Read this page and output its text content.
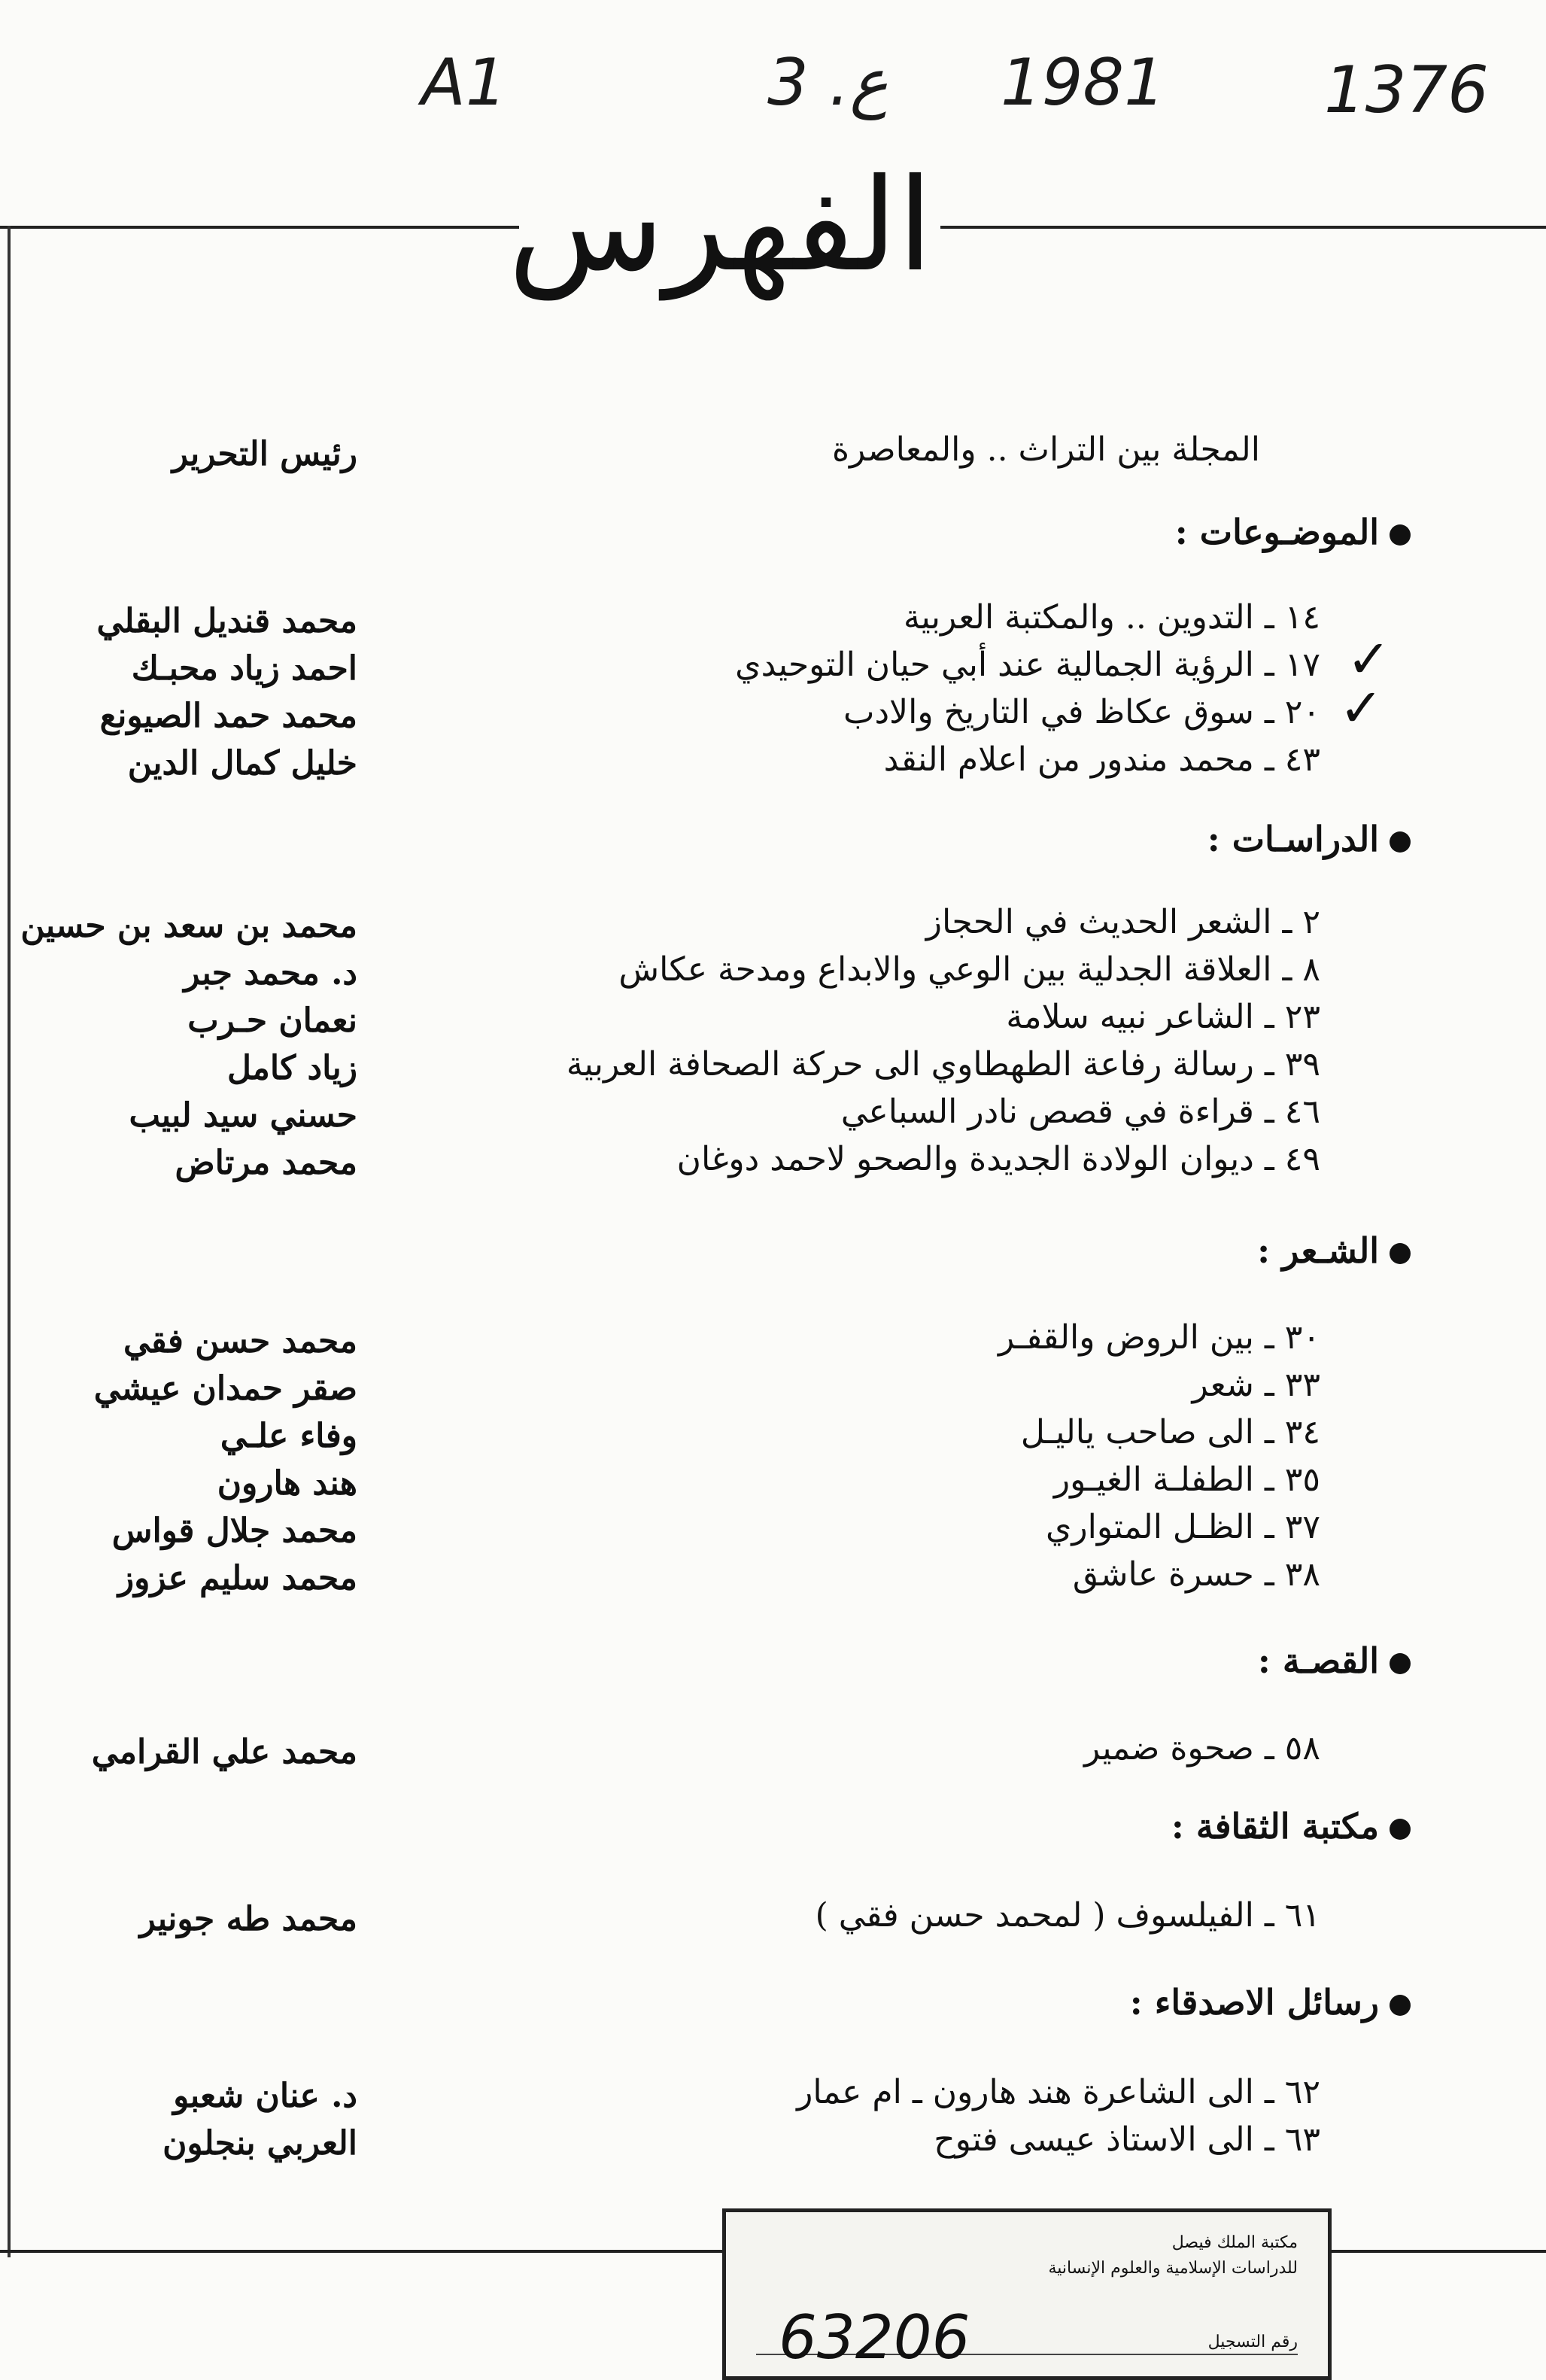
A1	3 .ع 1981 1376
الفهرس
المجلة بين التراث .. والمعاصرة
رئيس التحرير
الموضـوعات :
١٤ ـ التدوين .. والمكتبة العربية
محمد قنديل البقلي
١٧ ـ الرؤية الجمالية عند أبي حيان التوحيدي
احمد زياد محبـك
٢٠ ـ سوق عكاظ في التاريخ والادب
محمد حمد الصيونع
٤٣ ـ محمد مندور من اعلام النقد
خليل كمال الدين
✓
✓
الدراسـات :
٢ ـ الشعر الحديث في الحجاز
محمد بن سعد بن حسين
٨ ـ العلاقة الجدلية بين الوعي والابداع ومدحة عكاش
د. محمد جبر
٢٣ ـ الشاعر نبيه سلامة
نعمان حـرب
٣٩ ـ رسالة رفاعة الطهطاوي الى حركة الصحافة العربية
زياد كامل
٤٦ ـ قراءة في قصص نادر السباعي
حسني سيد لبيب
٤٩ ـ ديوان الولادة الجديدة والصحو لاحمد دوغان
محمد مرتاض
الشـعر :
٣٠ ـ بين الروض والقفـر
محمد حسن فقي
٣٣ ـ شعر
صقر حمدان عيشي
٣٤ ـ الى صاحب ياليـل
وفاء علـي
٣٥ ـ الطفلـة الغيـور
هند هارون
٣٧ ـ الظـل المتواري
محمد جلال قواس
٣٨ ـ حسرة عاشق
محمد سليم عزوز
القصـة :
٥٨ ـ صحوة ضمير
محمد علي القرامي
مكتبة الثقافة :
٦١ ـ الفيلسوف ( لمحمد حسن فقي )
محمد طه جونير
رسائل الاصدقاء :
٦٢ ـ الى الشاعرة هند هارون ـ ام عمار
د. عنان شعبو
٦٣ ـ الى الاستاذ عيسى فتوح
العربي بنجلون
مكتبة الملك فيصل
للدراسات الإسلامية والعلوم الإنسانية
رقم التسجيل
63206
